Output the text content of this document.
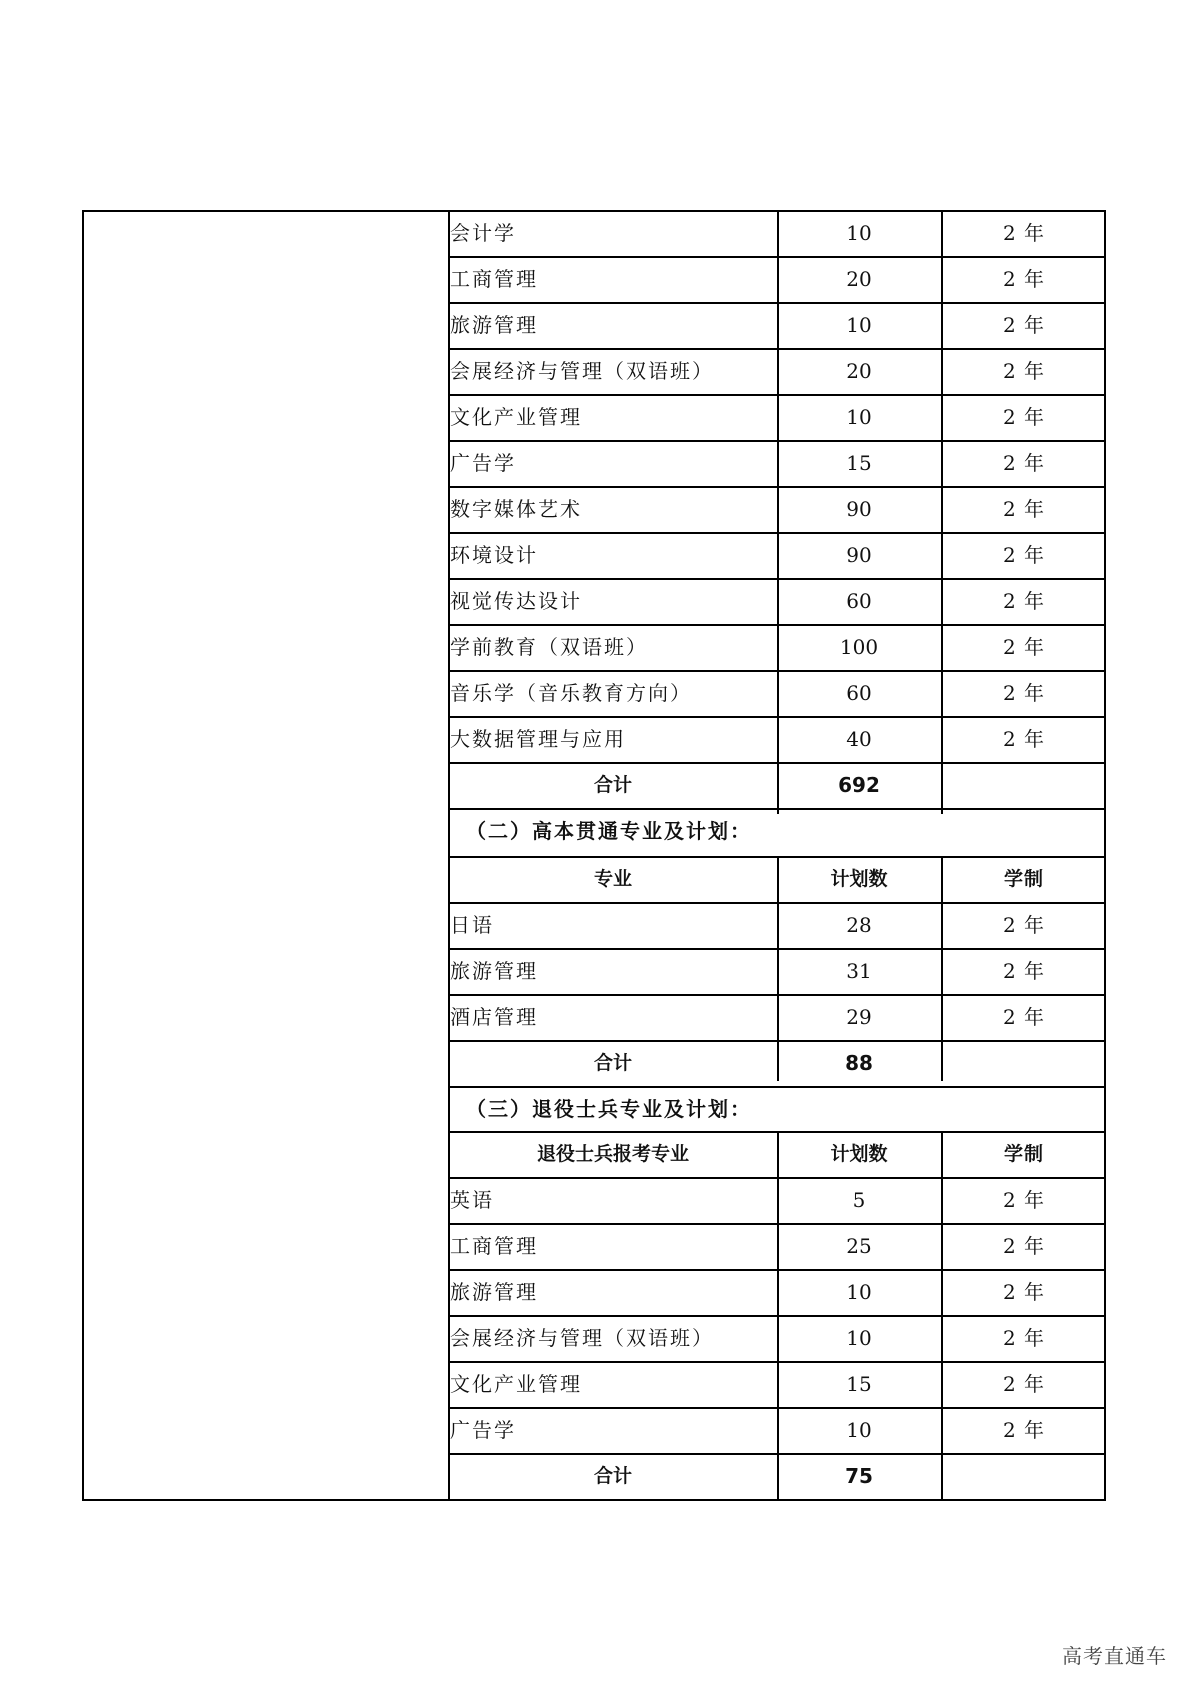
会计学	10	2 年
工商管理	20	2 年
旅游管理	10	2 年
会展经济与管理（双语班）	20	2 年
文化产业管理	10	2 年
广告学	15	2 年
数字媒体艺术	90	2 年
环境设计	90	2 年
视觉传达设计	60	2 年
学前教育（双语班）	100	2 年
音乐学（音乐教育方向）	60	2 年
大数据管理与应用	40	2 年
合计	692
（二）高本贯通专业及计划：
专业	计划数	学制
日语	28	2 年
旅游管理	31	2 年
酒店管理	29	2 年
合计	88
（三）退役士兵专业及计划：
退役士兵报考专业	计划数	学制
英语	5	2 年
工商管理	25	2 年
旅游管理	10	2 年
会展经济与管理（双语班）	10	2 年
文化产业管理	15	2 年
广告学	10	2 年
合计	75
高考直通车
